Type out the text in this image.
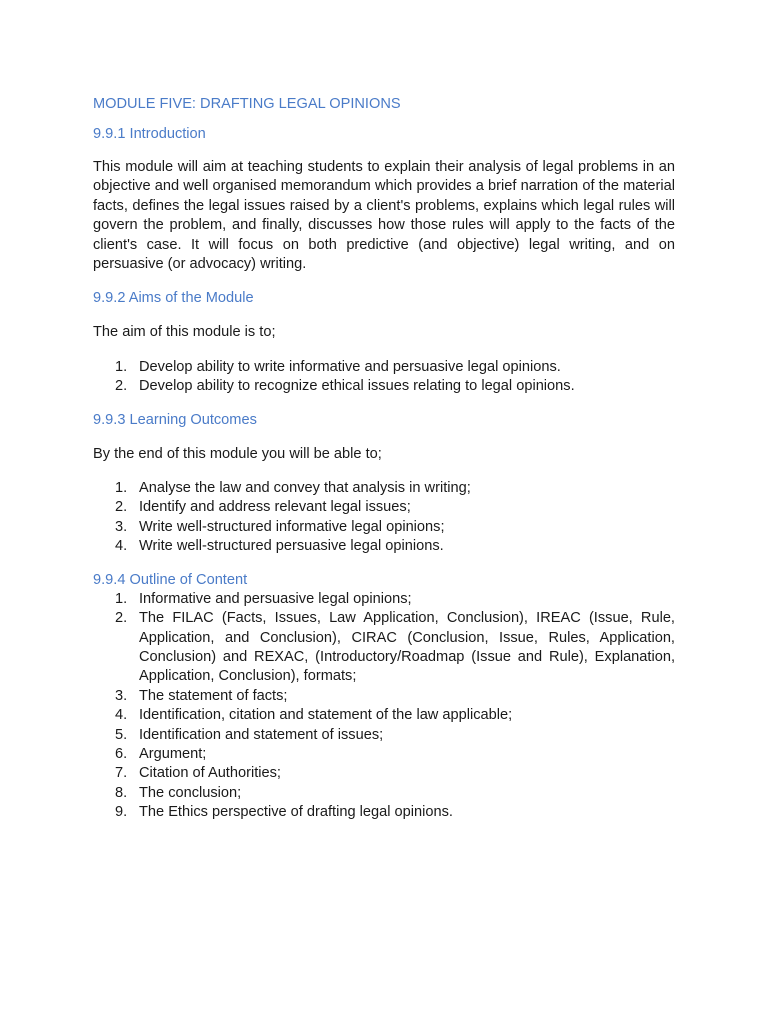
MODULE FIVE: DRAFTING LEGAL OPINIONS
9.9.1 Introduction

This module will aim at teaching students to explain their analysis of legal problems in an objective and well organised memorandum which provides a brief narration of the material facts, defines the legal issues raised by a client's problems, explains which legal rules will govern the problem, and finally, discusses how those rules will apply to the facts of the client's case. It will focus on both predictive (and objective) legal writing, and on persuasive (or advocacy) writing.

9.9.2 Aims of the Module

The aim of this module is to;

1. Develop ability to write informative and persuasive legal opinions.
2. Develop ability to recognize ethical issues relating to legal opinions.
9.9.3 Learning Outcomes

By the end of this module you will be able to;

1. Analyse the law and convey that analysis in writing;
2. Identify and address relevant legal issues;
3. Write well-structured informative legal opinions;
4. Write well-structured persuasive legal opinions.
9.9.4 Outline of Content
1. Informative and persuasive legal opinions;
2. The FILAC (Facts, Issues, Law Application, Conclusion), IREAC (Issue, Rule, Application, and Conclusion), CIRAC (Conclusion, Issue, Rules, Application, Conclusion) and REXAC, (Introductory/Roadmap (Issue and Rule), Explanation, Application, Conclusion), formats;
3. The statement of facts;
4. Identification, citation and statement of the law applicable;
5. Identification and statement of issues;
6. Argument;
7. Citation of Authorities;
8. The conclusion;
9. The Ethics perspective of drafting legal opinions.
